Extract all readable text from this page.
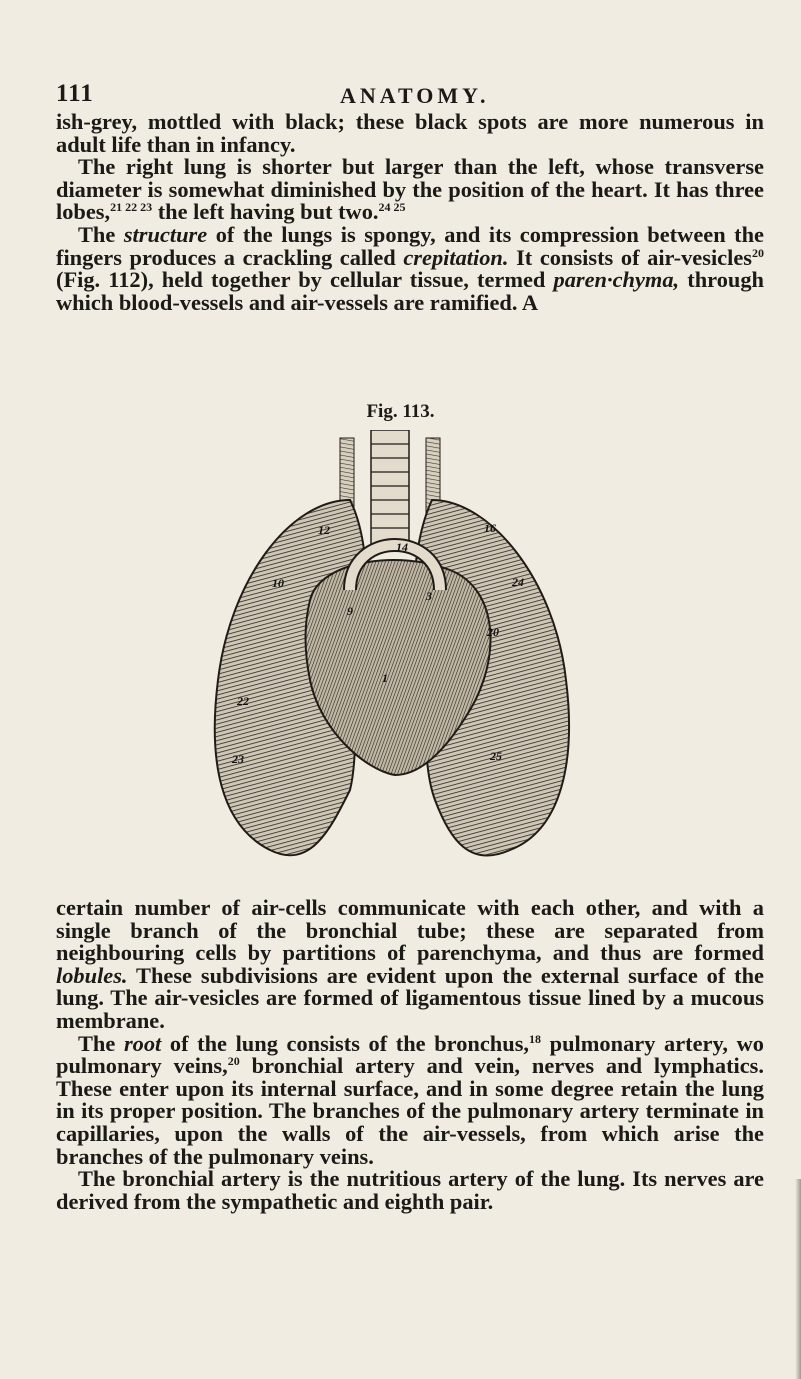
111	ANATOMY.

ish-grey, mottled with black; these black spots are more numerous in adult life than in infancy.

The right lung is shorter but larger than the left, whose transverse diameter is somewhat diminished by the position of the heart. It has three lobes,$^{21 22 23}$ the left having but two.$^{24 25}$

The structure of the lungs is spongy, and its compression between the fingers produces a crackling called crepitation. It consists of air-vesicles$^{20}$ (Fig. 112), held together by cellular tissue, termed paren·chyma, through which blood-vessels and air-vessels are ramified. A

Fig. 113.
12	16
10
14
9
3
24
20
1
22
23	25

certain number of air-cells communicate with each other, and with a single branch of the bronchial tube; these are separated from neighbouring cells by partitions of parenchyma, and thus are formed lobules. These subdivisions are evident upon the external surface of the lung. The air-vesicles are formed of ligamentous tissue lined by a mucous membrane.

The root of the lung consists of the bronchus,$^{18}$ pulmonary artery, wo pulmonary veins,$^{20}$ bronchial artery and vein, nerves and lymphatics. These enter upon its internal surface, and in some degree retain the lung in its proper position. The branches of the pulmonary artery terminate in capillaries, upon the walls of the air-vessels, from which arise the branches of the pulmonary veins.

The bronchial artery is the nutritious artery of the lung. Its nerves are derived from the sympathetic and eighth pair.
